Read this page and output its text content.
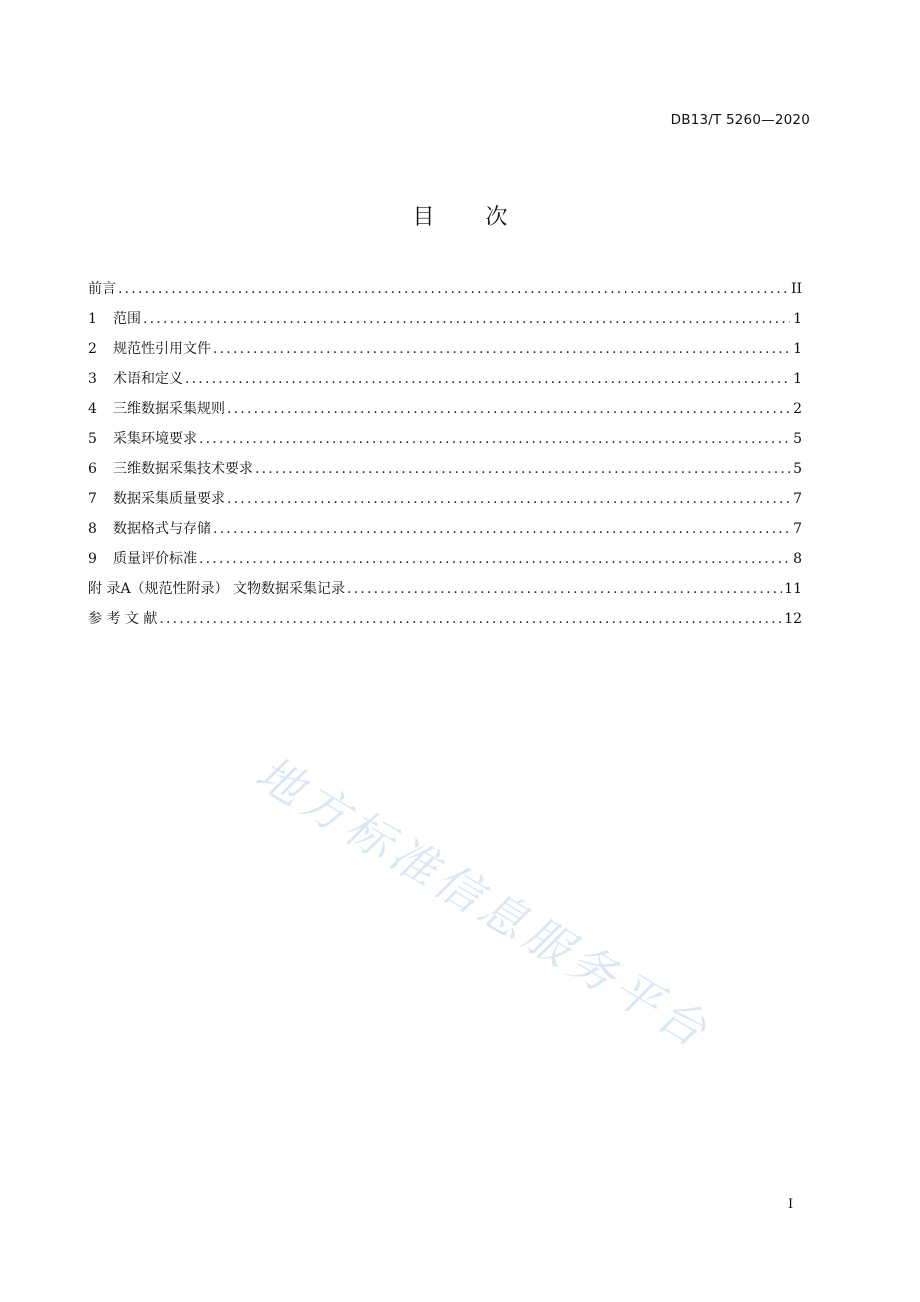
DB13/T 5260—2020
目 次
前言 .....	II
1	范围 .....	1
2	规范性引用文件 .....	1
3	术语和定义 .....	1
4	三维数据采集规则 .....	2
5	采集环境要求 .....	5
6	三维数据采集技术要求 .....	5
7	数据采集质量要求 .....	7
8	数据格式与存储 .....	7
9	质量评价标准 .....	8
附 录A（规范性附录） 文物数据采集记录 .....	11
参 考 文 献 .....	12
地方标准信息服务平台
I
